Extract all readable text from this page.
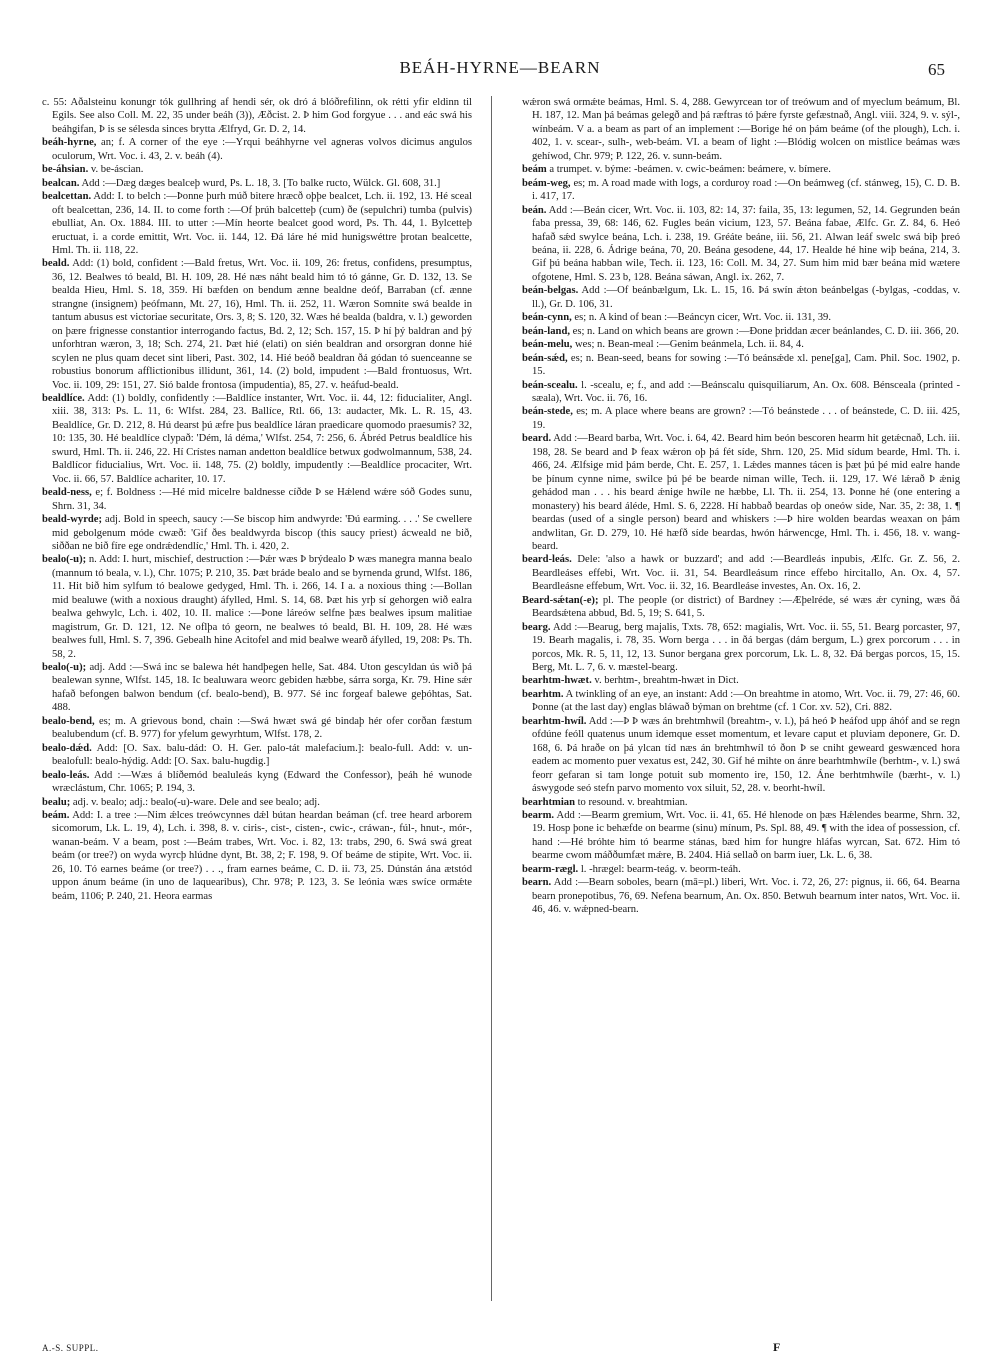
BEÁH-HYRNE—BEARN	65

c. 55: Aðalsteinu konungr tók gullhring af hendi sér, ok dró á blóðrefilinn, ok rétti yfir eldinn til Egils. See also Coll. M. 22, 35 under beáh (3)), Æðcist. 2. Þ him God forgyue . . . and eác swá his beáhgifan, Þ is se sélesda sinces brytta Ælfryd, Gr. D. 2, 14.

beáh-hyrne, an; f. A corner of the eye :—Yrqui beáhhyrne vel agneras volvos dicimus angulos oculorum, Wrt. Voc. i. 43, 2. v. beáh (4).

be-áhsian. v. be-áscian.

bealcan. Add :—Dæg dæges bealceþ wurd, Ps. L. 18, 3. [To balke ructo, Wülck. Gl. 608, 31.]

bealcettan. Add: I. to belch :—Þonne þurh múð bitere hræcð oþþe bealcet, Lch. ii. 192, 13. Hé sceal oft bealcettan, 236, 14. II. to come forth :—Of þrúh balcetteþ (cum) ðe (sepulchri) tumba (pulvis) ebulliat, An. Ox. 1884. III. to utter :—Mín heorte bealcet good word, Ps. Th. 44, 1. Bylcetteþ eructuat, i. a corde emittit, Wrt. Voc. ii. 144, 12. Ðá láre hé mid hunigswéttre þrotan bealcette, Hml. Th. ii. 118, 22.

beald. Add: (1) bold, confident :—Bald fretus, Wrt. Voc. ii. 109, 26: fretus, confidens, presumptus, 36, 12. Bealwes tó beald, Bl. H. 109, 28. Hé næs náht beald him tó tó gánne, Gr. D. 132, 13. Se bealda Hieu, Hml. S. 18, 359. Hí bæfden on bendum ænne bealdne deóf, Barraban (cf. ænne strangne (insignem) þeófmann, Mt. 27, 16), Hml. Th. ii. 252, 11. Wæron Somnite swá bealde in tantum abusus est victoriae securitate, Ors. 3, 8; S. 120, 32. Wæs hé bealda (baldra, v. l.) geworden on þære frignesse constantior interrogando factus, Bd. 2, 12; Sch. 157, 15. Þ hí þý baldran and þý unforhtran wæron, 3, 18; Sch. 274, 21. Þæt hié (elati) on sién bealdran and orsorgran donne hié scylen ne plus quam decet sint liberi, Past. 302, 14. Hié beóð bealdran ðá gódan tó suenceanne se robustius bonorum afflictionibus illidunt, 361, 14. (2) bold, impudent :—Bald frontuosus, Wrt. Voc. ii. 109, 29: 151, 27. Sió balde frontosa (impudentia), 85, 27. v. heáfud-beald.

bealdlíce. Add: (1) boldly, confidently :—Baldlíce instanter, Wrt. Voc. ii. 44, 12: fiducialiter, Angl. xiii. 38, 313: Ps. L. 11, 6: Wlfst. 284, 23. Ballíce, Rtl. 66, 13: audacter, Mk. L. R. 15, 43. Bealdlíce, Gr. D. 212, 8. Hú dearst þú æfre þus bealdlíce láran praedicare quomodo praesumis? 32, 10: 135, 30. Hé bealdlíce clypað: 'Dém, lá déma,' Wlfst. 254, 7: 256, 6. Ábréd Petrus bealdlíce his swurd, Hml. Th. ii. 246, 22. Hí Crístes naman andetton bealdlíce betwux godwolmannum, 538, 24. Baldlícor fiducialius, Wrt. Voc. ii. 148, 75. (2) boldly, impudently :—Bealdlíce procaciter, Wrt. Voc. ii. 66, 57. Baldlíce achariter, 10. 17.

beald-ness, e; f. Boldness :—Hé mid micelre baldnesse cíðde Þ se Hǽlend wǽre sóð Godes sunu, Shrn. 31, 34.

beald-wyrde; adj. Bold in speech, saucy :—Se biscop him andwyrde: 'Ðú earming. . . .' Se cwellere mid gebolgenum móde cwæð: 'Gif ðes bealdwyrda biscop (this saucy priest) ácweald ne bið, siððan ne bið fíre ege ondrǽdendlíc,' Hml. Th. i. 420, 2.

bealo(-u); n. Add: I. hurt, mischief, destruction :—Þǽr wæs Þ brýdealo Þ wæs manegra manna bealo (mannum tó beala, v. l.), Chr. 1075; P. 210, 35. Þæt bráde bealo and se byrnenda grund, Wlfst. 186, 11. Hit bið him sylfum tó bealowe gedyged, Hml. Th. i. 266, 14. I a. a noxious thing :—Bollan mid bealuwe (with a noxious draught) áfylled, Hml. S. 14, 68. Þæt his yrþ sí gehorgen wið ealra bealwa gehwylc, Lch. i. 402, 10. II. malice :—Þone láreów selfne þæs bealwes ipsum malitiae magistrum, Gr. D. 121, 12. Ne oflþa tó georn, ne bealwes tó beald, Bl. H. 109, 28. Hé wæs bealwes full, Hml. S. 7, 396. Gebealh hine Acitofel and mid bealwe wearð áfylled, 19, 208: Ps. Th. 58, 2.

bealo(-u); adj. Add :—Swá inc se balewa hét handþegen helle, Sat. 484. Uton gescyldan ús wið þá bealewan synne, Wlfst. 145, 18. Ic bealuwara weorc gebiden hæbbe, sárra sorga, Kr. 79. Hine sǽr hafað befongen balwon bendum (cf. bealo-bend), B. 977. Sé inc forgeaf balewe geþóhtas, Sat. 488.

bealo-bend, es; m. A grievous bond, chain :—Swá hwæt swá gé bindaþ hér ofer corðan fæstum bealubendum (cf. B. 977) for yfelum gewyrhtum, Wlfst. 178, 2.

bealo-dǽd. Add: [O. Sax. balu-dád: O. H. Ger. palo-tát malefacium.]: bealo-full. Add: v. un-bealofull: bealo-hýdig. Add: [O. Sax. balu-hugdig.]

bealo-leás. Add :—Wæs á blíðemód bealuleás kyng (Edward the Confessor), þeáh hé wunode wræclástum, Chr. 1065; P. 194, 3.

bealu; adj. v. bealo; adj.: bealo(-u)-ware. Dele and see bealo; adj.

beám. Add: I. a tree :—Nim ǽlces treówcynnes dǽl bútan heardan beáman (cf. tree heard arborem sicomorum, Lk. L. 19, 4), Lch. i. 398, 8. v. ciris-, cist-, cisten-, cwic-, cráwan-, fúl-, hnut-, mór-, wanan-beám. V a beam, post :—Beám trabes, Wrt. Voc. i. 82, 13: trabs, 290, 6. Swá swá great beám (or tree?) on wyda wyrcþ hlúdne dynt, Bt. 38, 2; F. 198, 9. Of beáme de stipite, Wrt. Voc. ii. 26, 10. Tó earnes beáme (or tree?) . . ., fram earnes beáme, C. D. ii. 73, 25. Dúnstán ána ætstód uppon ánum beáme (in uno de laquearibus), Chr. 978; P. 123, 3. Se leónia wæs swíce ormǽte beám, 1106; P. 240, 21. Heora earmas

wǽron swá ormǽte beámas, Hml. S. 4, 288. Gewyrcean tor of treówum and of myeclum beámum, Bl. H. 187, 12. Man þá beámas gelegð and þá ræftras tó þǽre fyrste gefæstnað, Angl. viii. 324, 9. v. sýl-, wínbeám. V a. a beam as part of an implement :—Borige hé on þám beáme (of the plough), Lch. i. 402, 1. v. scear-, sulh-, web-beám. VI. a beam of light :—Blódig wolcen on mistlice beámas wæs gehíwod, Chr. 979; P. 122, 26. v. sunn-beám.

beám a trumpet. v. býme: -beámen. v. cwic-beámen: beámere, v. bímere.

beám-weg, es; m. A road made with logs, a corduroy road :—On beámweg (cf. stánweg, 15), C. D. B. i. 417, 17.

beán. Add :—Beán cicer, Wrt. Voc. ii. 103, 82: 14, 37: faila, 35, 13: legumen, 52, 14. Gegrunden beán faba pressa, 39, 68: 146, 62. Fugles beán vicium, 123, 57. Beána fabae, Ælfc. Gr. Z. 84, 6. Heó hafað sǽd swylce beána, Lch. i. 238, 19. Gréáte beáne, iii. 56, 21. Alwan leáf swelc swá biþ þreó beána, ii. 228, 6. Ádrige beána, 70, 20. Beána gesodene, 44, 17. Healde hé hine wiþ beána, 214, 3. Gif þú beána habban wile, Tech. ii. 123, 16: Coll. M. 34, 27. Sum him mid bær beána mid wætere ofgotene, Hml. S. 23 b, 128. Beána sáwan, Angl. ix. 262, 7.

beán-belgas. Add :—Of beánbælgum, Lk. L. 15, 16. Þá swín ǽton beánbelgas (-bylgas, -coddas, v. ll.), Gr. D. 106, 31.

beán-cynn, es; n. A kind of bean :—Beáncyn cicer, Wrt. Voc. ii. 131, 39.

beán-land, es; n. Land on which beans are grown :—Ðone þriddan æcer beánlandes, C. D. iii. 366, 20.

beán-melu, wes; n. Bean-meal :—Genim beánmela, Lch. ii. 84, 4.

beán-sǽd, es; n. Bean-seed, beans for sowing :—Tó beánsǽde xl. pene[ga], Cam. Phil. Soc. 1902, p. 15.

beán-scealu. l. -scealu, e; f., and add :—Beánscalu quisquiliarum, An. Ox. 608. Bénsceala (printed -sæala), Wrt. Voc. ii. 76, 16.

beán-stede, es; m. A place where beans are grown? :—Tó beánstede . . . of beánstede, C. D. iii. 425, 19.

beard. Add :—Beard barba, Wrt. Voc. i. 64, 42. Beard him beón bescoren hearm hit getǽcnað, Lch. iii. 198, 28. Se beard and Þ feax wǽron oþ þá fét síde, Shrn. 120, 25. Mid sídum bearde, Hml. Th. i. 466, 24. Ælfsige mid þám berde, Cht. E. 257, 1. Lǽdes mannes tácen is þæt þú þé mid ealre hande be þínum cynne nime, swilce þú þé be bearde niman wille, Tech. ii. 129, 17. Wé lǽrað Þ ǽnig gehádod man . . . his beard ǽnige hwíle ne hæbbe, Ll. Th. ii. 254, 13. Þonne hé (one entering a monastery) his beard áléde, Hml. S. 6, 2228. Hí habbað beardas oþ oneów side, Nar. 35, 2: 38, 1. ¶ beardas (used of a single person) beard and whiskers :—Þ hire wolden beardas weaxan on þám andwlitan, Gr. D. 279, 10. Hé hæfð síde beardas, hwón hárwencge, Hml. Th. i. 456, 18. v. wang-beard.

beard-leás. Dele: 'also a hawk or buzzard'; and add :—Beardleás inpubis, Ælfc. Gr. Z. 56, 2. Beardleáses effebi, Wrt. Voc. ii. 31, 54. Beardleásum rince effebo hircitallo, An. Ox. 4, 57. Beardleásne effebum, Wrt. Voc. ii. 32, 16. Beardleáse investes, An. Ox. 16, 2.

Beard-sǽtan(-e); pl. The people (or district) of Bardney :—Æþelréde, sé wæs ǽr cyning, wæs ðá Beardsǽtena abbud, Bd. 5, 19; S. 641, 5.

bearg. Add :—Bearug, berg majalis, Txts. 78, 652: magialis, Wrt. Voc. ii. 55, 51. Bearg porcaster, 97, 19. Bearh magalis, i. 78, 35. Worn berga . . . in ðá bergas (dám bergum, L.) grex porcorum . . . in porcos, Mk. R. 5, 11, 12, 13. Sunor bergana grex porcorum, Lk. L. 8, 32. Ðá bergas porcos, 15, 15. Berg, Mt. L. 7, 6. v. mæstel-bearg.

bearhtm-hwæt. v. berhtm-, breahtm-hwæt in Dict.

bearhtm. A twinkling of an eye, an instant: Add :—On breahtme in atomo, Wrt. Voc. ii. 79, 27: 46, 60. Þonne (at the last day) englas bláwað býman on brehtme (cf. 1 Cor. xv. 52), Cri. 882.

bearhtm-hwíl. Add :—Þ Þ wæs án brehtmhwíl (breahtm-, v. l.), þá heó Þ heáfod upp áhóf and se regn ofdúne feóll quatenus unum idemque esset momentum, et levare caput et pluviam deponere, Gr. D. 168, 6. Þá hraðe on þá ylcan tíd næs án brehtmhwíl tó ðon Þ se cniht geweard geswænced hora eadem ac momento puer vexatus est, 242, 30. Gif hé mihte on ánre bearhtmhwíle (berhtm-, v. l.) swá feorr gefaran si tam longe potuit sub momento ire, 150, 12. Áne berhtmhwíle (bærht-, v. l.) áswygode seó stefn parvo momento vox siluit, 52, 28. v. beorht-hwíl.

bearhtmian to resound. v. breahtmian.

bearm. Add :—Bearm gremium, Wrt. Voc. ii. 41, 65. Hé hlenode on þæs Hǽlendes bearme, Shrn. 32, 19. Hosp þone ic behæfde on bearme (sinu) mínum, Ps. Spl. 88, 49. ¶ with the idea of possession, cf. hand :—Hé bróhte him tó bearme stánas, bæd him for hungre hláfas wyrcan, Sat. 672. Him tó bearme cwom máððumfæt mǽre, B. 2404. Hiá sellað on barm iuer, Lk. L. 6, 38.

bearm-rægl. l. -hrægel: bearm-teág. v. beorm-teáh.

bearn. Add :—Bearn soboles, bearn (mā=pl.) liberi, Wrt. Voc. i. 72, 26, 27: pignus, ii. 66, 64. Bearna bearn pronepotibus, 76, 69. Nefena bearnum, An. Ox. 850. Betwuh bearnum inter natos, Wrt. Voc. ii. 46, 46. v. wǽpned-bearn.

A.-S. SUPPL.	F
